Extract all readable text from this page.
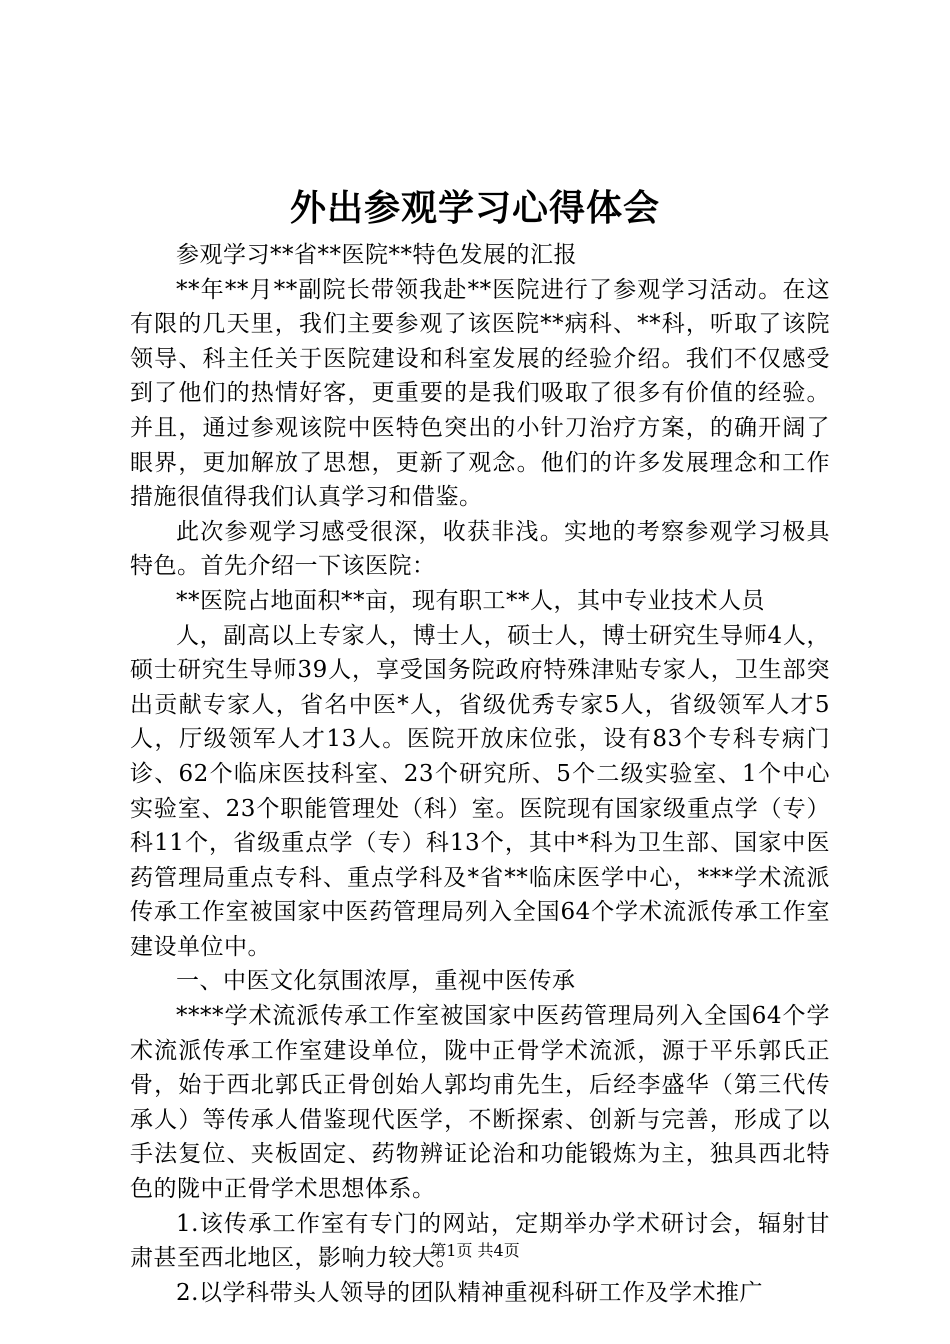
外出参观学习心得体会

参观学习**省**医院**特色发展的汇报

**年**月**副院长带领我赴**医院进行了参观学习活动。在这有限的几天里，我们主要参观了该医院**病科、**科，听取了该院领导、科主任关于医院建设和科室发展的经验介绍。我们不仅感受到了他们的热情好客，更重要的是我们吸取了很多有价值的经验。并且，通过参观该院中医特色突出的小针刀治疗方案，的确开阔了眼界，更加解放了思想，更新了观念。他们的许多发展理念和工作措施很值得我们认真学习和借鉴。

此次参观学习感受很深，收获非浅。实地的考察参观学习极具特色。首先介绍一下该医院：

**医院占地面积**亩，现有职工**人，其中专业技术人员

人，副高以上专家人，博士人，硕士人，博士研究生导师4人，硕士研究生导师39人，享受国务院政府特殊津贴专家人，卫生部突出贡献专家人，省名中医*人，省级优秀专家5人，省级领军人才5人，厅级领军人才13人。医院开放床位张，设有83个专科专病门诊、62个临床医技科室、23个研究所、5个二级实验室、1个中心实验室、23个职能管理处（科）室。医院现有国家级重点学（专）科11个，省级重点学（专）科13个，其中*科为卫生部、国家中医药管理局重点专科、重点学科及*省**临床医学中心，***学术流派传承工作室被国家中医药管理局列入全国64个学术流派传承工作室建设单位中。

一、中医文化氛围浓厚，重视中医传承

****学术流派传承工作室被国家中医药管理局列入全国64个学术流派传承工作室建设单位，陇中正骨学术流派，源于平乐郭氏正骨，始于西北郭氏正骨创始人郭均甫先生，后经李盛华（第三代传承人）等传承人借鉴现代医学，不断探索、创新与完善，形成了以手法复位、夹板固定、药物辨证论治和功能锻炼为主，独具西北特色的陇中正骨学术思想体系。

1.该传承工作室有专门的网站，定期举办学术研讨会，辐射甘肃甚至西北地区，影响力较大。

2.以学科带头人领导的团队精神重视科研工作及学术推广

第1页 共4页
